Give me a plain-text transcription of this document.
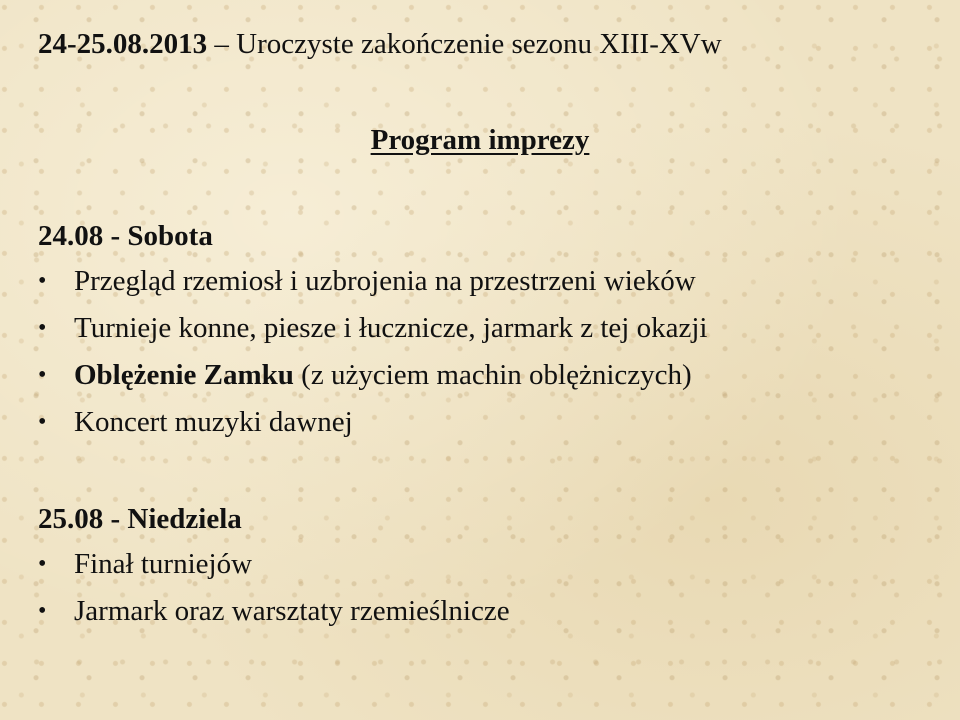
24-25.08.2013 – Uroczyste zakończenie sezonu XIII-XVw
Program imprezy
24.08 - Sobota
• Przegląd rzemiosł i uzbrojenia na przestrzeni wieków
• Turnieje konne, piesze i łucznicze, jarmark z tej okazji
• Oblężenie Zamku (z użyciem machin oblężniczych)
• Koncert muzyki dawnej
25.08 - Niedziela
• Finał turniejów
• Jarmark oraz warsztaty rzemieślnicze
